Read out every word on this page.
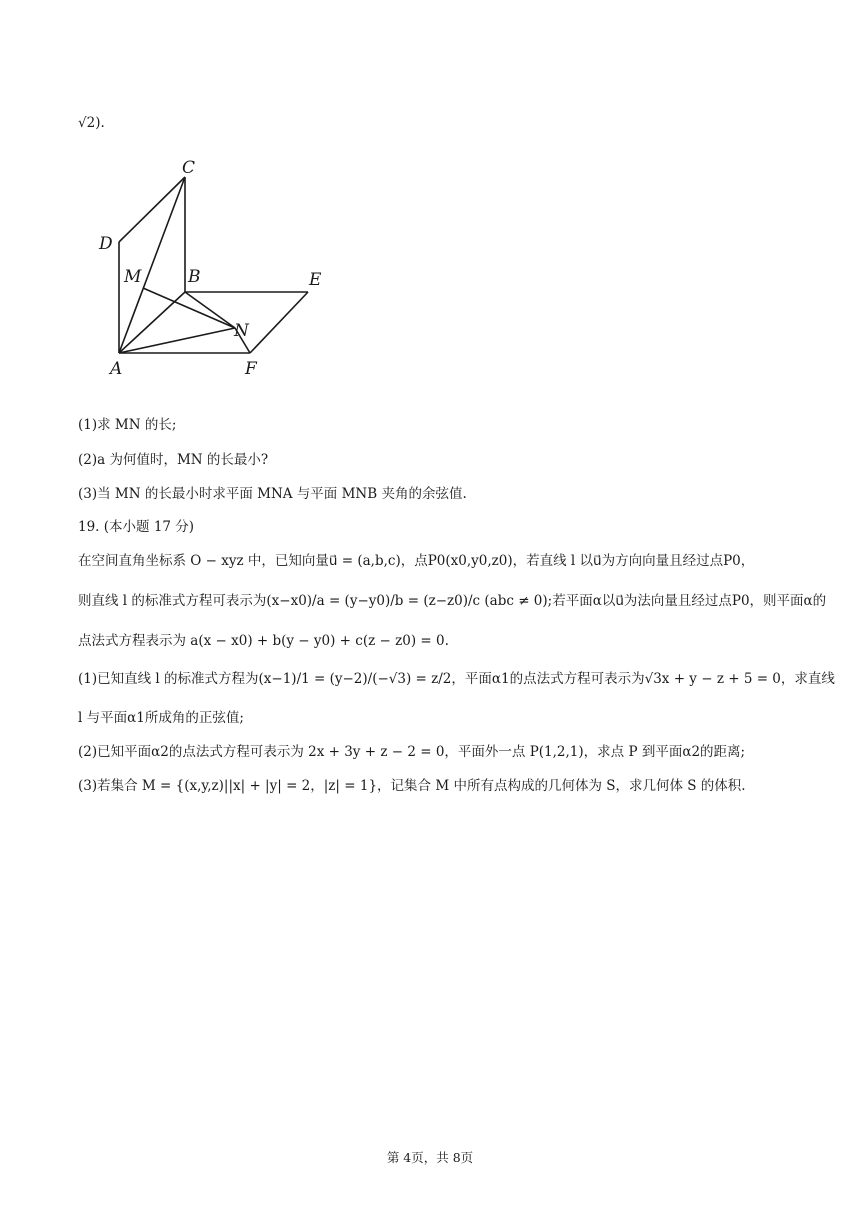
√2).
C
D
M	B	E
N
A	F
(1)求 MN 的长;
(2)a 为何值时，MN 的长最小?
(3)当 MN 的长最小时求平面 MNA 与平面 MNB 夹角的余弦值.
19. (本小题 17 分)
在空间直角坐标系 O − xyz 中，已知向量u⃗ = (a,b,c)，点P0(x0,y0,z0)，若直线 l 以u⃗为方向向量且经过点P0，
则直线 l 的标准式方程可表示为(x−x0)/a = (y−y0)/b = (z−z0)/c (abc ≠ 0);若平面α以u⃗为法向量且经过点P0，则平面α的
点法式方程表示为 a(x − x0) + b(y − y0) + c(z − z0) = 0.
(1)已知直线 l 的标准式方程为(x−1)/1 = (y−2)/(−√3) = z/2，平面α1的点法式方程可表示为√3x + y − z + 5 = 0，求直线
l 与平面α1所成角的正弦值;
(2)已知平面α2的点法式方程可表示为 2x + 3y + z − 2 = 0，平面外一点 P(1,2,1)，求点 P 到平面α2的距离;
(3)若集合 M = {(x,y,z)||x| + |y| = 2，|z| = 1}，记集合 M 中所有点构成的几何体为 S，求几何体 S 的体积.
第 4页，共 8页
